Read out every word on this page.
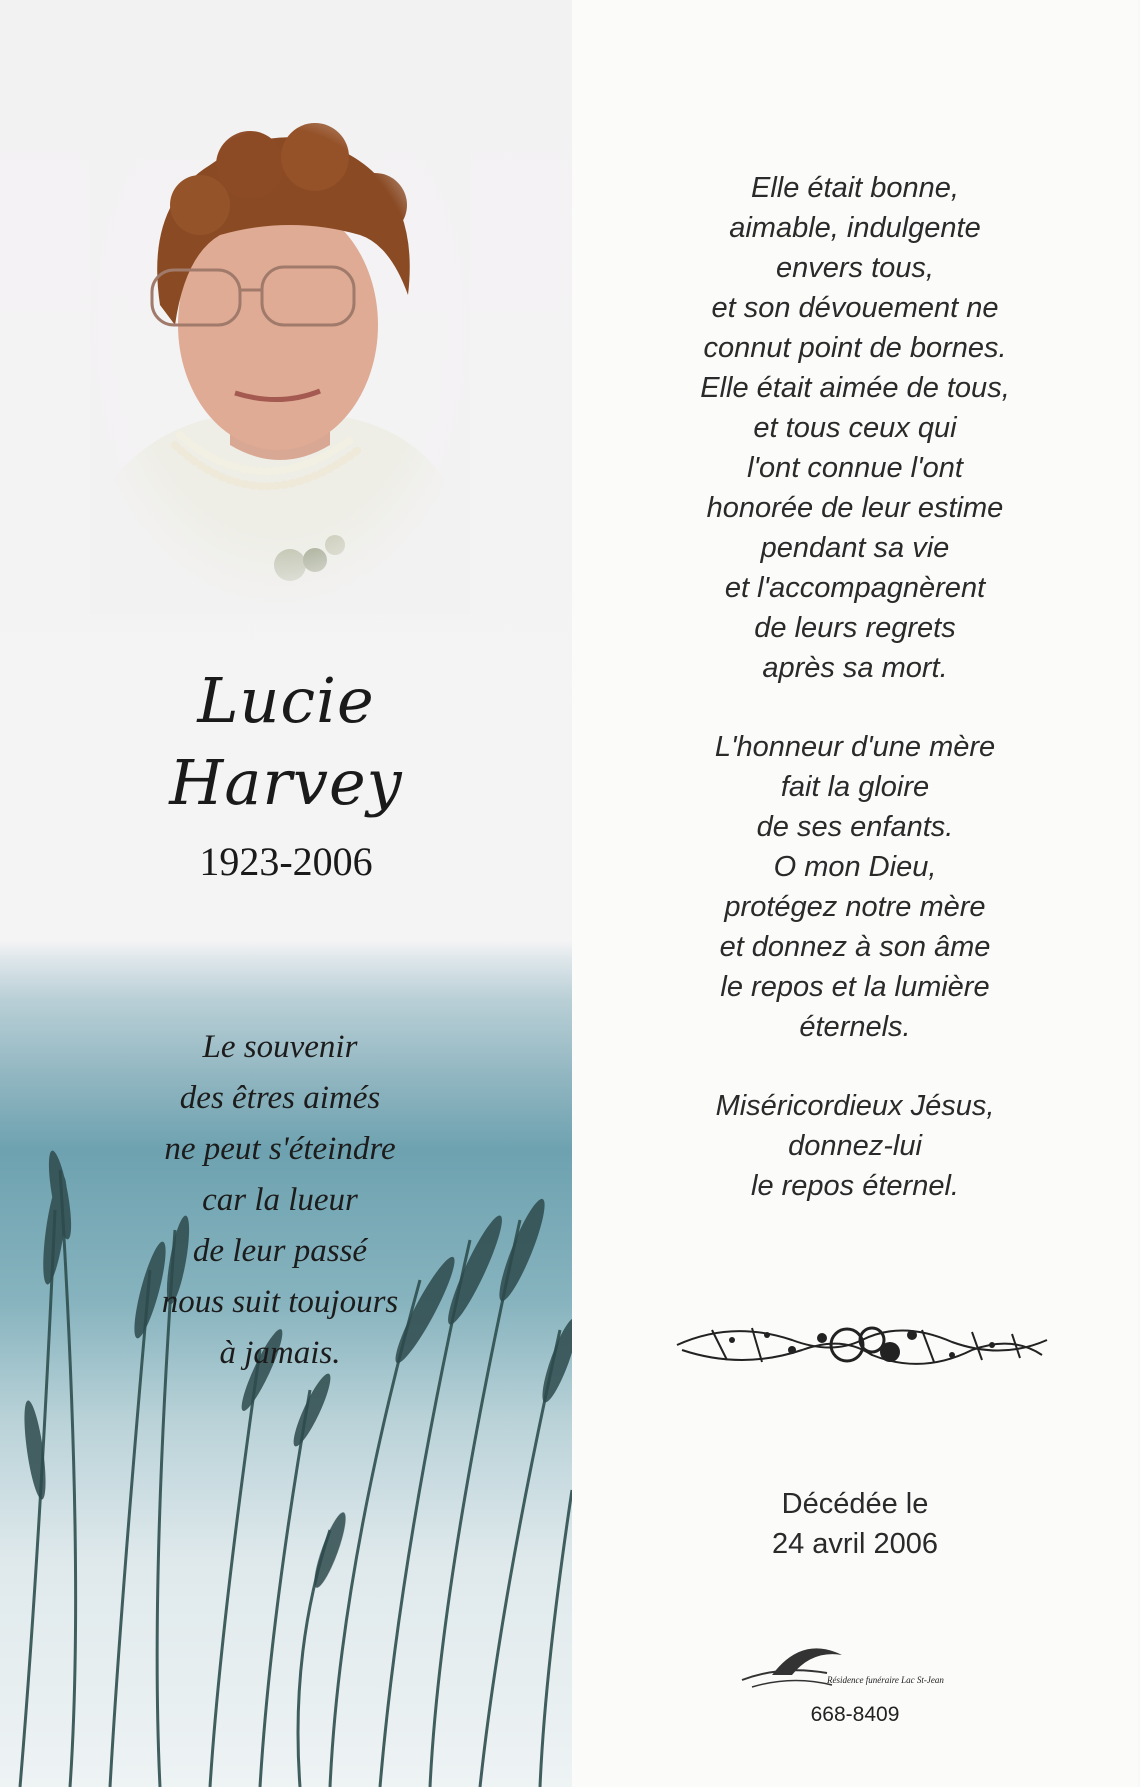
Lucie
Harvey
1923-2006
Le souvenir
des êtres aimés
ne peut s'éteindre
car la lueur
de leur passé
nous suit toujours
à jamais.
Elle était bonne,
aimable, indulgente
envers tous,
et son dévouement ne
connut point de bornes.
Elle était aimée de tous,
et tous ceux qui
l'ont connue l'ont
honorée de leur estime
pendant sa vie
et l'accompagnèrent
de leurs regrets
après sa mort.
L'honneur d'une mère
fait la gloire
de ses enfants.
O mon Dieu,
protégez notre mère
et donnez à son âme
le repos et la lumière
éternels.
Miséricordieux Jésus,
donnez-lui
le repos éternel.
Décédée le
24 avril 2006
Résidence funéraire Lac St-Jean
668-8409
